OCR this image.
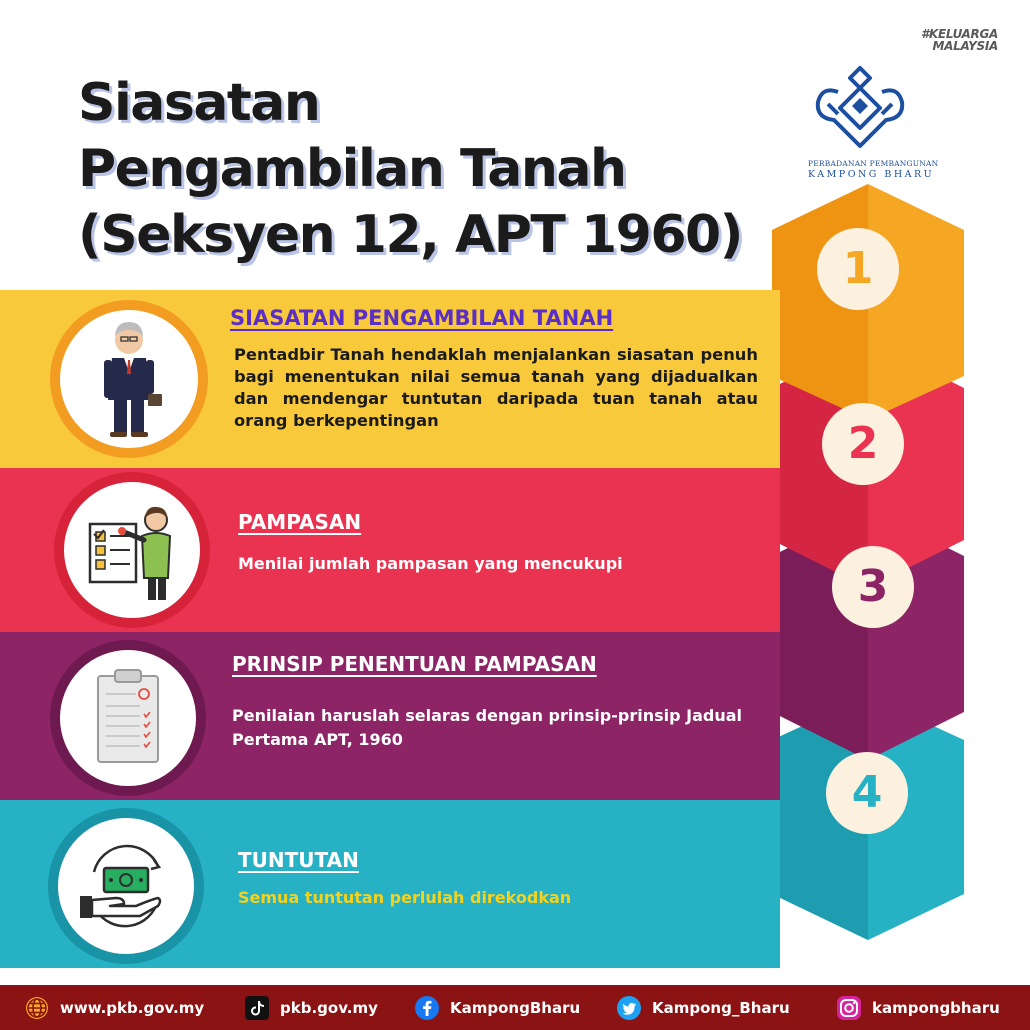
#KELUARGA
MALAYSIA
Siasatan
Pengambilan Tanah
(Seksyen 12, APT 1960)
PERBADANAN PEMBANGUNAN
KAMPONG BHARU
1
2
3
4
SIASATAN PENGAMBILAN TANAH
Pentadbir Tanah hendaklah menjalankan siasatan penuh bagi menentukan nilai semua tanah yang dijadualkan dan mendengar tuntutan daripada tuan tanah atau orang berkepentingan
PAMPASAN
Menilai jumlah pampasan yang mencukupi
PRINSIP PENENTUAN PAMPASAN
Penilaian haruslah selaras dengan prinsip-prinsip Jadual Pertama APT, 1960
TUNTUTAN
Semua tuntutan perlulah direkodkan
www.pkb.gov.my	pkb.gov.my	KampongBharu	Kampong_Bharu	kampongbharu
